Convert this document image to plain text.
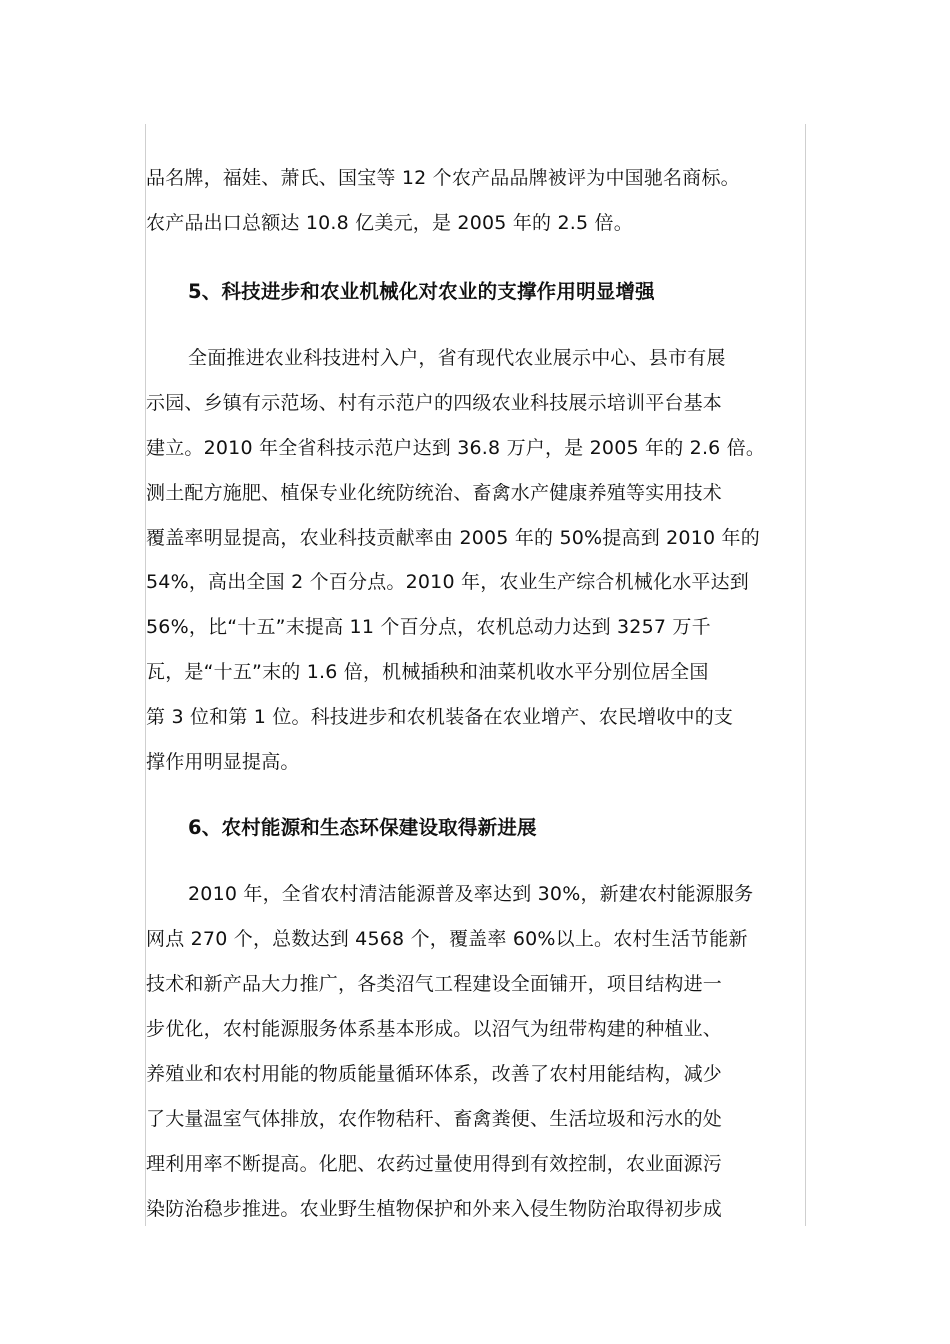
品名牌，福娃、萧氏、国宝等 12 个农产品品牌被评为中国驰名商标。
农产品出口总额达 10.8 亿美元，是 2005 年的 2.5 倍。
5、科技进步和农业机械化对农业的支撑作用明显增强
全面推进农业科技进村入户，省有现代农业展示中心、县市有展
示园、乡镇有示范场、村有示范户的四级农业科技展示培训平台基本
建立。2010 年全省科技示范户达到 36.8 万户，是 2005 年的 2.6 倍。
测土配方施肥、植保专业化统防统治、畜禽水产健康养殖等实用技术
覆盖率明显提高，农业科技贡献率由 2005 年的 50%提高到 2010 年的
54%，高出全国 2 个百分点。2010 年，农业生产综合机械化水平达到
56%，比“十五”末提高 11 个百分点，农机总动力达到 3257 万千
瓦，是“十五”末的 1.6 倍，机械插秧和油菜机收水平分别位居全国
第 3 位和第 1 位。科技进步和农机装备在农业增产、农民增收中的支
撑作用明显提高。
6、农村能源和生态环保建设取得新进展
2010 年，全省农村清洁能源普及率达到 30%，新建农村能源服务
网点 270 个，总数达到 4568 个，覆盖率 60%以上。农村生活节能新
技术和新产品大力推广，各类沼气工程建设全面铺开，项目结构进一
步优化，农村能源服务体系基本形成。以沼气为纽带构建的种植业、
养殖业和农村用能的物质能量循环体系，改善了农村用能结构，减少
了大量温室气体排放，农作物秸秆、畜禽粪便、生活垃圾和污水的处
理利用率不断提高。化肥、农药过量使用得到有效控制，农业面源污
染防治稳步推进。农业野生植物保护和外来入侵生物防治取得初步成
